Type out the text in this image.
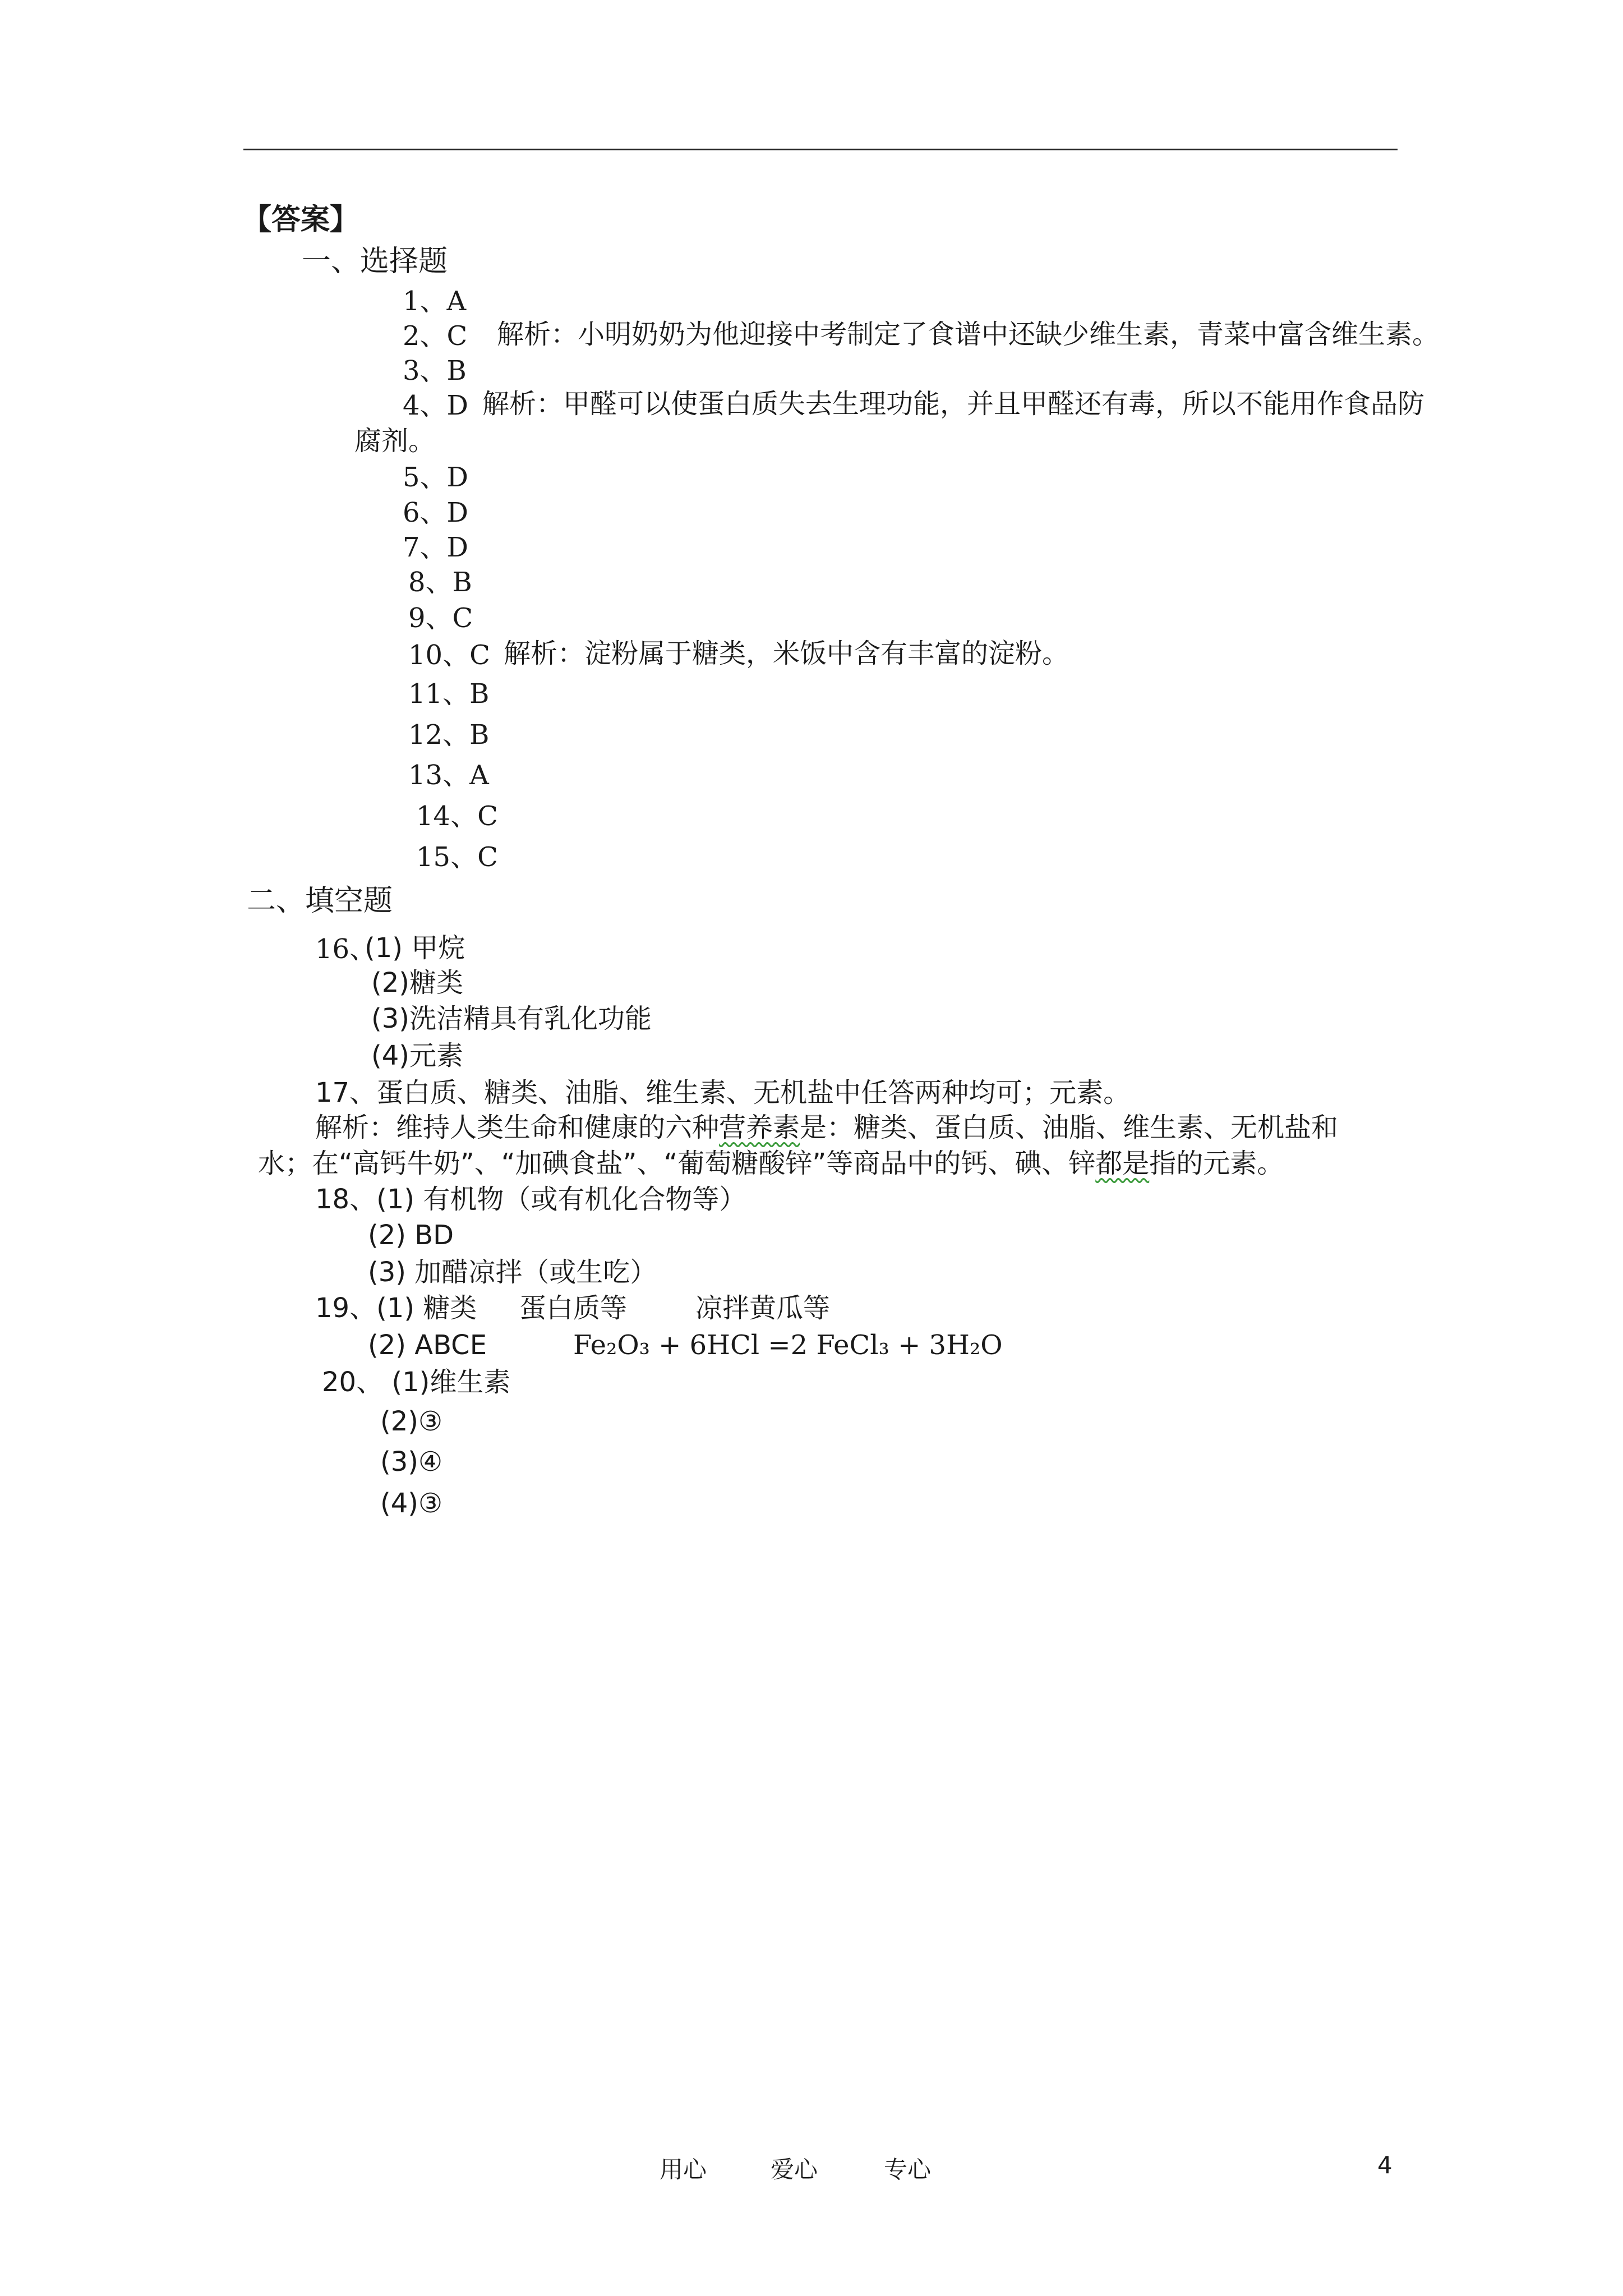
【答案】
一、选择题
1、A
2、C 解析：小明奶奶为他迎接中考制定了食谱中还缺少维生素，青菜中富含维生素。
3、B
4、D 解析：甲醛可以使蛋白质失去生理功能，并且甲醛还有毒，所以不能用作食品防
腐剂。
5、D
6、D
7、D
8、B
9、C
10、C 解析：淀粉属于糖类，米饭中含有丰富的淀粉。
11、B
12、B
13、A
14、C
15、C
二、填空题
16、
(1) 甲烷
(2)糖类
(3)洗洁精具有乳化功能
(4)元素
17、蛋白质、糖类、油脂、维生素、无机盐中任答两种均可；元素。
解析：维持人类生命和健康的六种营养素是：糖类、蛋白质、油脂、维生素、无机盐和
水；在“高钙牛奶”、“加碘食盐”、“葡萄糖酸锌”等商品中的钙、碘、锌都是指的元素。
18、(1) 有机物（或有机化合物等）
(2) BD
(3) 加醋凉拌（或生吃）
19、(1) 糖类 蛋白质等	凉拌黄瓜等
(2) ABCE	Fe₂O₃ + 6HCl =2 FeCl₃ + 3H₂O
20、 (1)维生素
(2)③
(3)④
(4)③
用心	爱心	专心	4
